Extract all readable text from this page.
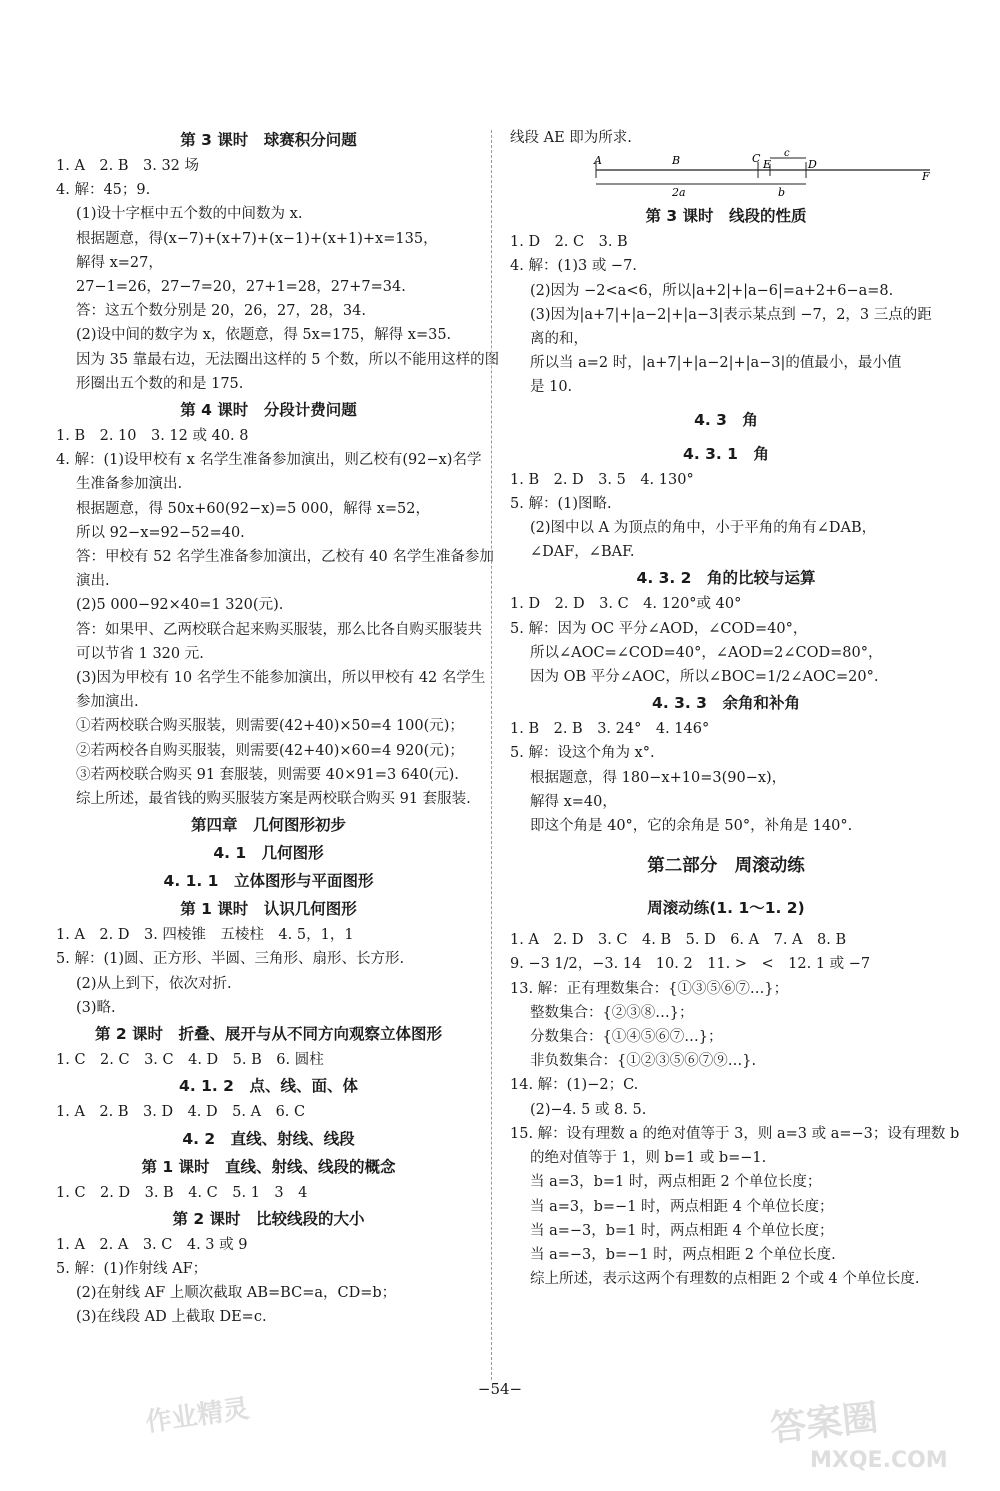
第 3 课时　球赛积分问题
1. A　2. B　3. 32 场
4. 解：45；9.
(1)设十字框中五个数的中间数为 x.
根据题意，得(x−7)+(x+7)+(x−1)+(x+1)+x=135，
解得 x=27，
27−1=26，27−7=20，27+1=28，27+7=34.
答：这五个数分别是 20，26，27，28，34.
(2)设中间的数字为 x，依题意，得 5x=175，解得 x=35.
因为 35 靠最右边，无法圈出这样的 5 个数，所以不能用这样的图
形圈出五个数的和是 175.
第 4 课时　分段计费问题
1. B　2. 10　3. 12 或 40. 8
4. 解：(1)设甲校有 x 名学生准备参加演出，则乙校有(92−x)名学
生准备参加演出.
根据题意，得 50x+60(92−x)=5 000，解得 x=52，
所以 92−x=92−52=40.
答：甲校有 52 名学生准备参加演出，乙校有 40 名学生准备参加
演出.
(2)5 000−92×40=1 320(元).
答：如果甲、乙两校联合起来购买服装，那么比各自购买服装共
可以节省 1 320 元.
(3)因为甲校有 10 名学生不能参加演出，所以甲校有 42 名学生
参加演出.
①若两校联合购买服装，则需要(42+40)×50=4 100(元)；
②若两校各自购买服装，则需要(42+40)×60=4 920(元)；
③若两校联合购买 91 套服装，则需要 40×91=3 640(元).
综上所述，最省钱的购买服装方案是两校联合购买 91 套服装.
第四章　几何图形初步
4. 1　几何图形
4. 1. 1　立体图形与平面图形
第 1 课时　认识几何图形
1. A　2. D　3. 四棱锥　五棱柱　4. 5，1，1
5. 解：(1)圆、正方形、半圆、三角形、扇形、长方形.
(2)从上到下，依次对折.
(3)略.
第 2 课时　折叠、展开与从不同方向观察立体图形
1. C　2. C　3. C　4. D　5. B　6. 圆柱
4. 1. 2　点、线、面、体
1. A　2. B　3. D　4. D　5. A　6. C
4. 2　直线、射线、线段
第 1 课时　直线、射线、线段的概念
1. C　2. D　3. B　4. C　5. 1　3　4
第 2 课时　比较线段的大小
1. A　2. A　3. C　4. 3 或 9
5. 解：(1)作射线 AF；
(2)在射线 AF 上顺次截取 AB=BC=a，CD=b；
(3)在线段 AD 上截取 DE=c.
线段 AE 即为所求.
A	B	C E
c
D
F
2a	b
第 3 课时　线段的性质
1. D　2. C　3. B
4. 解：(1)3 或 −7.
(2)因为 −2<a<6，所以|a+2|+|a−6|=a+2+6−a=8.
(3)因为|a+7|+|a−2|+|a−3|表示某点到 −7，2，3 三点的距
离的和，
所以当 a=2 时，|a+7|+|a−2|+|a−3|的值最小，最小值
是 10.
4. 3　角
4. 3. 1　角
1. B　2. D　3. 5　4. 130°
5. 解：(1)图略.
(2)图中以 A 为顶点的角中，小于平角的角有∠DAB，
∠DAF，∠BAF.
4. 3. 2　角的比较与运算
1. D　2. D　3. C　4. 120°或 40°
5. 解：因为 OC 平分∠AOD，∠COD=40°，
所以∠AOC=∠COD=40°，∠AOD=2∠COD=80°，
因为 OB 平分∠AOC，所以∠BOC=1/2∠AOC=20°.
4. 3. 3　余角和补角
1. B　2. B　3. 24°　4. 146°
5. 解：设这个角为 x°.
根据题意，得 180−x+10=3(90−x)，
解得 x=40，
即这个角是 40°，它的余角是 50°，补角是 140°.
第二部分　周滚动练
周滚动练(1. 1～1. 2)
1. A　2. D　3. C　4. B　5. D　6. A　7. A　8. B
9. −3 1/2，−3. 14　10. 2　11. >　<　12. 1 或 −7
13. 解：正有理数集合：{①③⑤⑥⑦…}；
整数集合：{②③⑧…}；
分数集合：{①④⑤⑥⑦…}；
非负数集合：{①②③⑤⑥⑦⑨…}.
14. 解：(1)−2；C.
(2)−4. 5 或 8. 5.
15. 解：设有理数 a 的绝对值等于 3，则 a=3 或 a=−3；设有理数 b
的绝对值等于 1，则 b=1 或 b=−1.
当 a=3，b=1 时，两点相距 2 个单位长度；
当 a=3，b=−1 时，两点相距 4 个单位长度；
当 a=−3，b=1 时，两点相距 4 个单位长度；
当 a=−3，b=−1 时，两点相距 2 个单位长度.
综上所述，表示这两个有理数的点相距 2 个或 4 个单位长度.
−54−
作业精灵	答案圈
MXQE.COM
